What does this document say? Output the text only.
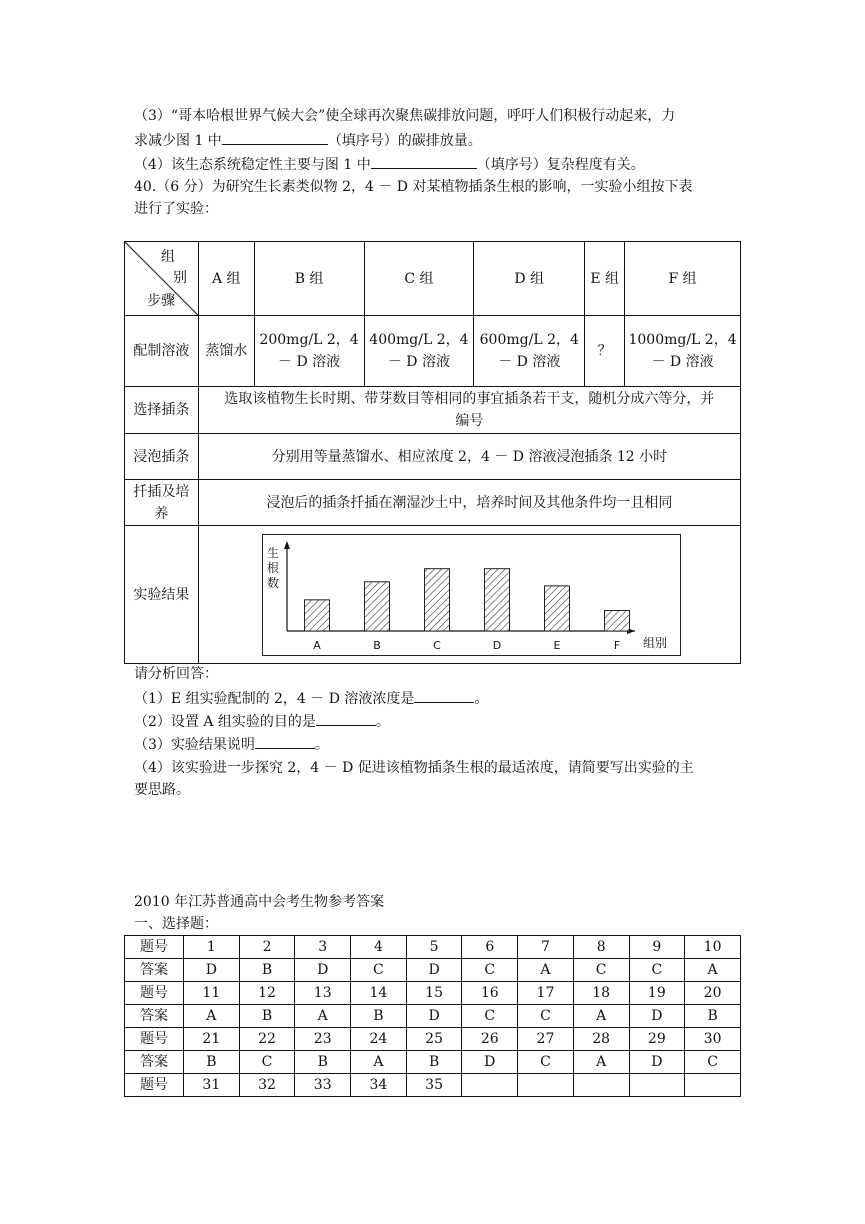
（3）“哥本哈根世界气候大会”使全球再次聚焦碳排放问题，呼吁人们积极行动起来，力
求减少图 1 中	（填序号）的碳排放量。
（4）该生态系统稳定性主要与图 1 中	（填序号）复杂程度有关。
40.（6 分）为研究生长素类似物 2，4 － D 对某植物插条生根的影响，一实验小组按下表
进行了实验：
组
别
步骤	A 组	B 组	C 组	D 组	E 组	F 组
配制溶液	蒸馏水	200mg/L 2，4 － D 溶液	400mg/L 2，4 － D 溶液	600mg/L 2，4 － D 溶液	？	1000mg/L 2，4 － D 溶液
选择插条	选取该植物生长时期、带芽数目等相同的事宜插条若干支，随机分成六等分，并编号					
浸泡插条	分别用等量蒸馏水、相应浓度 2，4 － D 溶液浸泡插条 12 小时					
扦插及培养	浸泡后的插条扦插在潮湿沙土中，培养时间及其他条件均一且相同					
实验结果						
生
根
数
组别
A	B	C	D	E	F
请分析回答：
（1）E 组实验配制的 2，4 － D 溶液浓度是	。
（2）设置 A 组实验的目的是	。
（3）实验结果说明	。
（4）该实验进一步探究 2，4 － D 促进该植物插条生根的最适浓度，请简要写出实验的主
要思路。
2010 年江苏普通高中会考生物参考答案
一、选择题：
题号	1	2	3	4	5	6	7	8	9	10
答案	D	B	D	C	D	C	A	C	C	A
题号	11	12	13	14	15	16	17	18	19	20
答案	A	B	A	B	D	C	C	A	D	B
题号	21	22	23	24	25	26	27	28	29	30
答案	B	C	B	A	B	D	C	A	D	C
题号	31	32	33	34	35					
